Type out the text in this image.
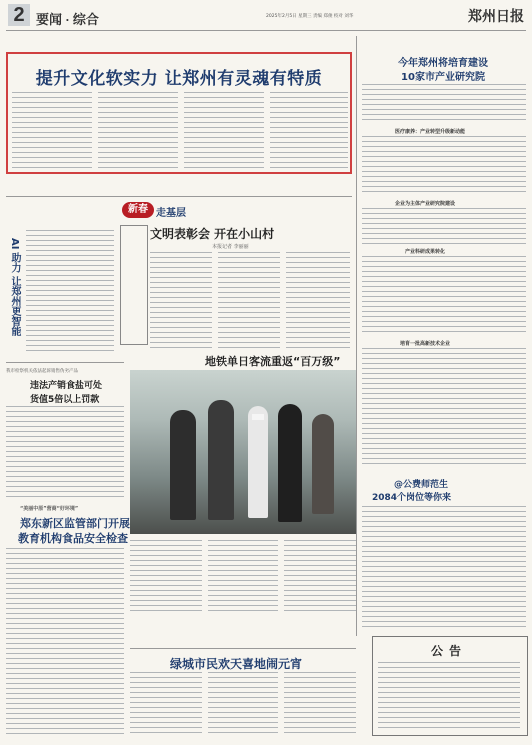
2 要闻 · 综合	2025年2月5日 星期三 责编 郑俊 校对 刘华	郑州日报
提升文化软实力 让郑州有灵魂有特质
今年郑州将培育建设
10家市产业研究院
医疗康养：产业转型升级新动能
企业为主体产业研究院建设
产业科研成果转化
培育一批高新技术企业
新春 走基层
文明表彰会 开在小山村
本报记者 李丽丽
AI 助力 让郑州更智能
我市检察机关依法起诉销售伪劣产品
违法产销食盐可处
货值5倍以上罚款
地铁单日客流重返“百万级”
“美丽中原”营商“好环境”
郑东新区监管部门开展
教育机构食品安全检查
绿城市民欢天喜地闹元宵
@公费师范生
2084个岗位等你来
公告
